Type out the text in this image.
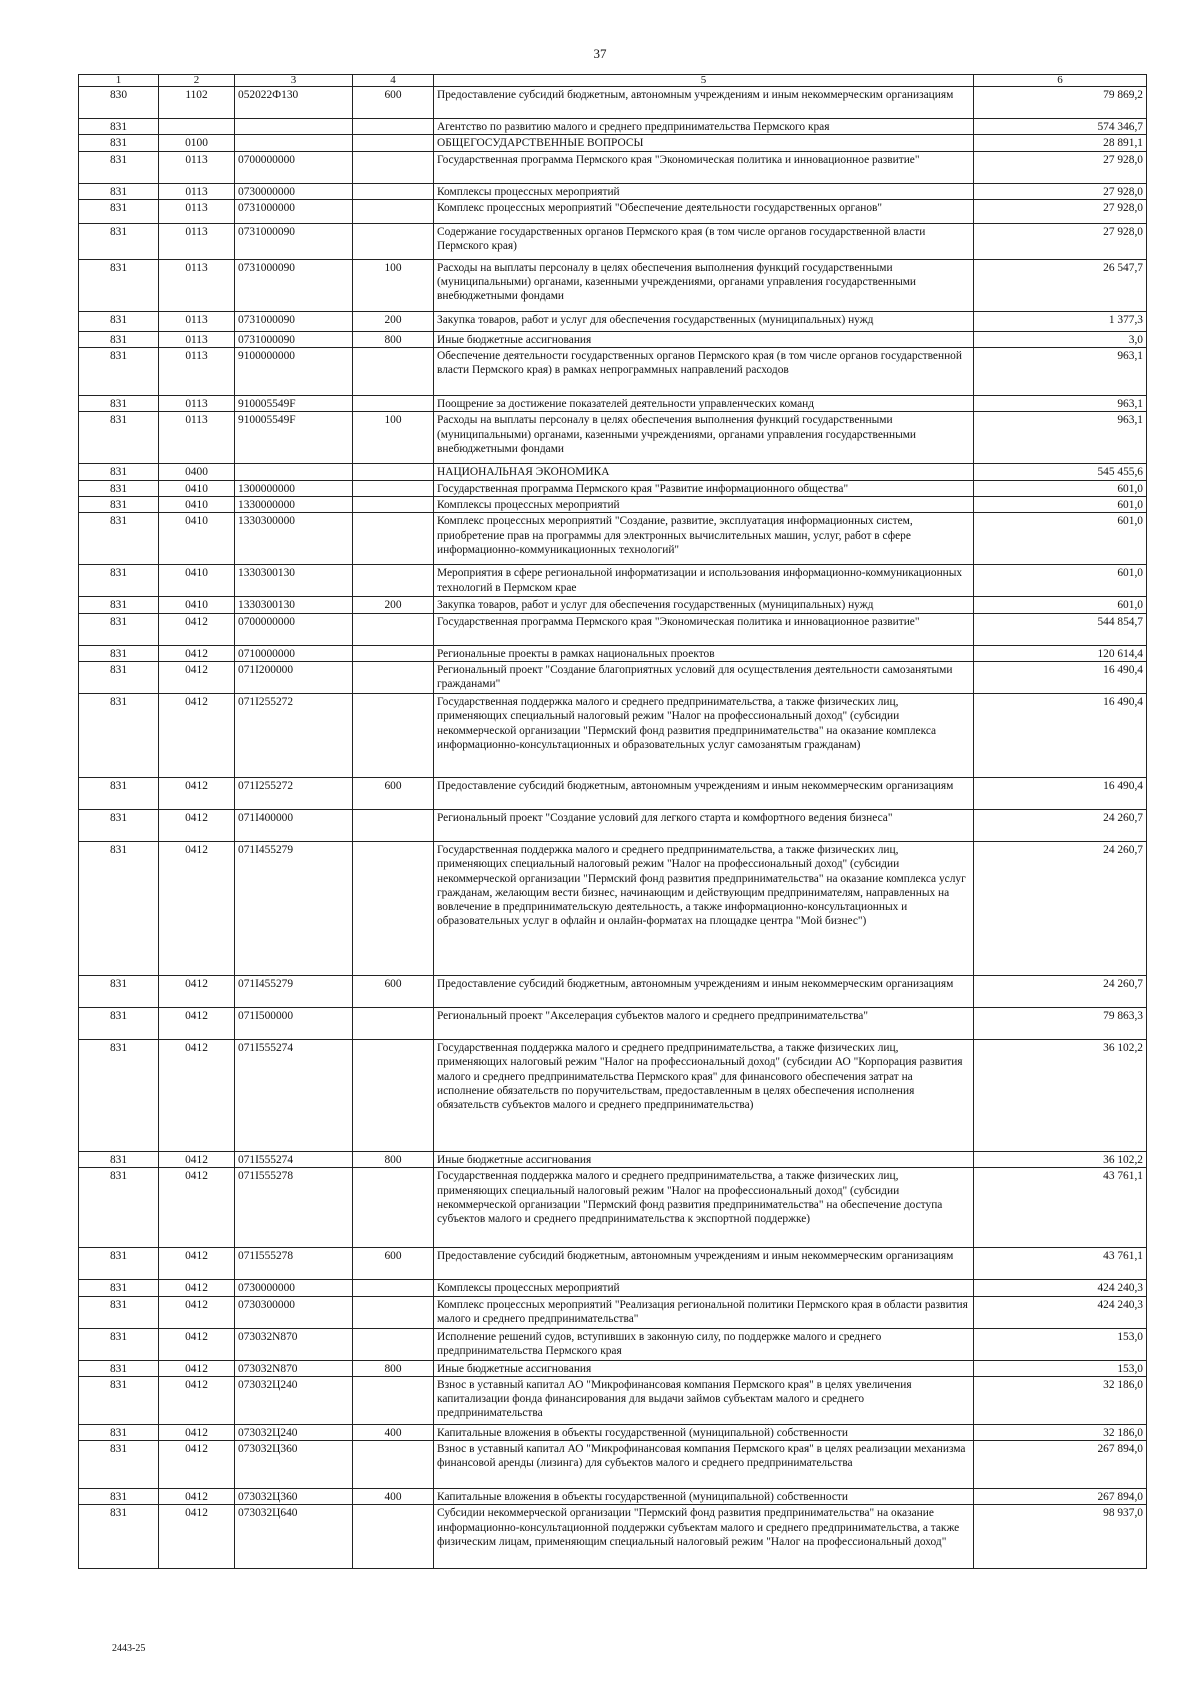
37
1	2	3	4	5	6
830	1102	052022Ф130	600	Предоставление субсидий бюджетным, автономным учреждениям и иным некоммерческим организациям	79 869,2
831				Агентство по развитию малого и среднего предпринимательства Пермского края	574 346,7
831	0100			ОБЩЕГОСУДАРСТВЕННЫЕ ВОПРОСЫ	28 891,1
831	0113	0700000000		Государственная программа Пермского края "Экономическая политика и инновационное развитие"	27 928,0
831	0113	0730000000		Комплексы процессных мероприятий	27 928,0
831	0113	0731000000		Комплекс процессных мероприятий "Обеспечение деятельности государственных органов"	27 928,0
831	0113	0731000090		Содержание государственных органов Пермского края (в том числе органов государственной власти Пермского края)	27 928,0
831	0113	0731000090	100	Расходы на выплаты персоналу в целях обеспечения выполнения функций государственными (муниципальными) органами, казенными учреждениями, органами управления государственными внебюджетными фондами	26 547,7
831	0113	0731000090	200	Закупка товаров, работ и услуг для обеспечения государственных (муниципальных) нужд	1 377,3
831	0113	0731000090	800	Иные бюджетные ассигнования	3,0
831	0113	9100000000		Обеспечение деятельности государственных органов Пермского края (в том числе органов государственной власти Пермского края) в рамках непрограммных направлений расходов	963,1
831	0113	910005549F		Поощрение за достижение показателей деятельности управленческих команд	963,1
831	0113	910005549F	100	Расходы на выплаты персоналу в целях обеспечения выполнения функций государственными (муниципальными) органами, казенными учреждениями, органами управления государственными внебюджетными фондами	963,1
831	0400			НАЦИОНАЛЬНАЯ ЭКОНОМИКА	545 455,6
831	0410	1300000000		Государственная программа Пермского края "Развитие информационного общества"	601,0
831	0410	1330000000		Комплексы процессных мероприятий	601,0
831	0410	1330300000		Комплекс процессных мероприятий "Создание, развитие, эксплуатация информационных систем, приобретение прав на программы для электронных вычислительных машин, услуг, работ в сфере информационно-коммуникационных технологий"	601,0
831	0410	1330300130		Мероприятия в сфере региональной информатизации и использования информационно-коммуникационных технологий в Пермском крае	601,0
831	0410	1330300130	200	Закупка товаров, работ и услуг для обеспечения государственных (муниципальных) нужд	601,0
831	0412	0700000000		Государственная программа Пермского края "Экономическая политика и инновационное развитие"	544 854,7
831	0412	0710000000		Региональные проекты в рамках национальных проектов	120 614,4
831	0412	071I200000		Региональный проект "Создание благоприятных условий для осуществления деятельности самозанятыми гражданами"	16 490,4
831	0412	071I255272		Государственная поддержка малого и среднего предпринимательства, а также физических лиц, применяющих специальный налоговый режим "Налог на профессиональный доход" (субсидии некоммерческой организации "Пермский фонд развития предпринимательства" на оказание комплекса информационно-консультационных и образовательных услуг самозанятым гражданам)	16 490,4
831	0412	071I255272	600	Предоставление субсидий бюджетным, автономным учреждениям и иным некоммерческим организациям	16 490,4
831	0412	071I400000		Региональный проект "Создание условий для легкого старта и комфортного ведения бизнеса"	24 260,7
831	0412	071I455279		Государственная поддержка малого и среднего предпринимательства, а также физических лиц, применяющих специальный налоговый режим "Налог на профессиональный доход" (субсидии некоммерческой организации "Пермский фонд развития предпринимательства" на оказание комплекса услуг гражданам, желающим вести бизнес, начинающим и действующим предпринимателям, направленных на вовлечение в предпринимательскую деятельность, а также информационно-консультационных и образовательных услуг в офлайн и онлайн-форматах на площадке центра "Мой бизнес")	24 260,7
831	0412	071I455279	600	Предоставление субсидий бюджетным, автономным учреждениям и иным некоммерческим организациям	24 260,7
831	0412	071I500000		Региональный проект "Акселерация субъектов малого и среднего предпринимательства"	79 863,3
831	0412	071I555274		Государственная поддержка малого и среднего предпринимательства, а также физических лиц, применяющих налоговый режим "Налог на профессиональный доход" (субсидии АО "Корпорация развития малого и среднего предпринимательства Пермского края" для финансового обеспечения затрат на исполнение обязательств по поручительствам, предоставленным в целях обеспечения исполнения обязательств субъектов малого и среднего предпринимательства)	36 102,2
831	0412	071I555274	800	Иные бюджетные ассигнования	36 102,2
831	0412	071I555278		Государственная поддержка малого и среднего предпринимательства, а также физических лиц, применяющих специальный налоговый режим "Налог на профессиональный доход" (субсидии некоммерческой организации "Пермский фонд развития предпринимательства" на обеспечение доступа субъектов малого и среднего предпринимательства к экспортной поддержке)	43 761,1
831	0412	071I555278	600	Предоставление субсидий бюджетным, автономным учреждениям и иным некоммерческим организациям	43 761,1
831	0412	0730000000		Комплексы процессных мероприятий	424 240,3
831	0412	0730300000		Комплекс процессных мероприятий "Реализация региональной политики Пермского края в области развития малого и среднего предпринимательства"	424 240,3
831	0412	073032N870		Исполнение решений судов, вступивших в законную силу, по поддержке малого и среднего предпринимательства Пермского края	153,0
831	0412	073032N870	800	Иные бюджетные ассигнования	153,0
831	0412	073032Ц240		Взнос в уставный капитал АО "Микрофинансовая компания Пермского края" в целях увеличения капитализации фонда финансирования для выдачи займов субъектам малого и среднего предпринимательства	32 186,0
831	0412	073032Ц240	400	Капитальные вложения в объекты государственной (муниципальной) собственности	32 186,0
831	0412	073032Ц360		Взнос в уставный капитал АО "Микрофинансовая компания Пермского края" в целях реализации механизма финансовой аренды (лизинга) для субъектов малого и среднего предпринимательства	267 894,0
831	0412	073032Ц360	400	Капитальные вложения в объекты государственной (муниципальной) собственности	267 894,0
831	0412	073032Ц640		Субсидии некоммерческой организации "Пермский фонд развития предпринимательства" на оказание информационно-консультационной поддержки субъектам малого и среднего предпринимательства, а также физическим лицам, применяющим специальный налоговый режим "Налог на профессиональный доход"	98 937,0
2443-25
